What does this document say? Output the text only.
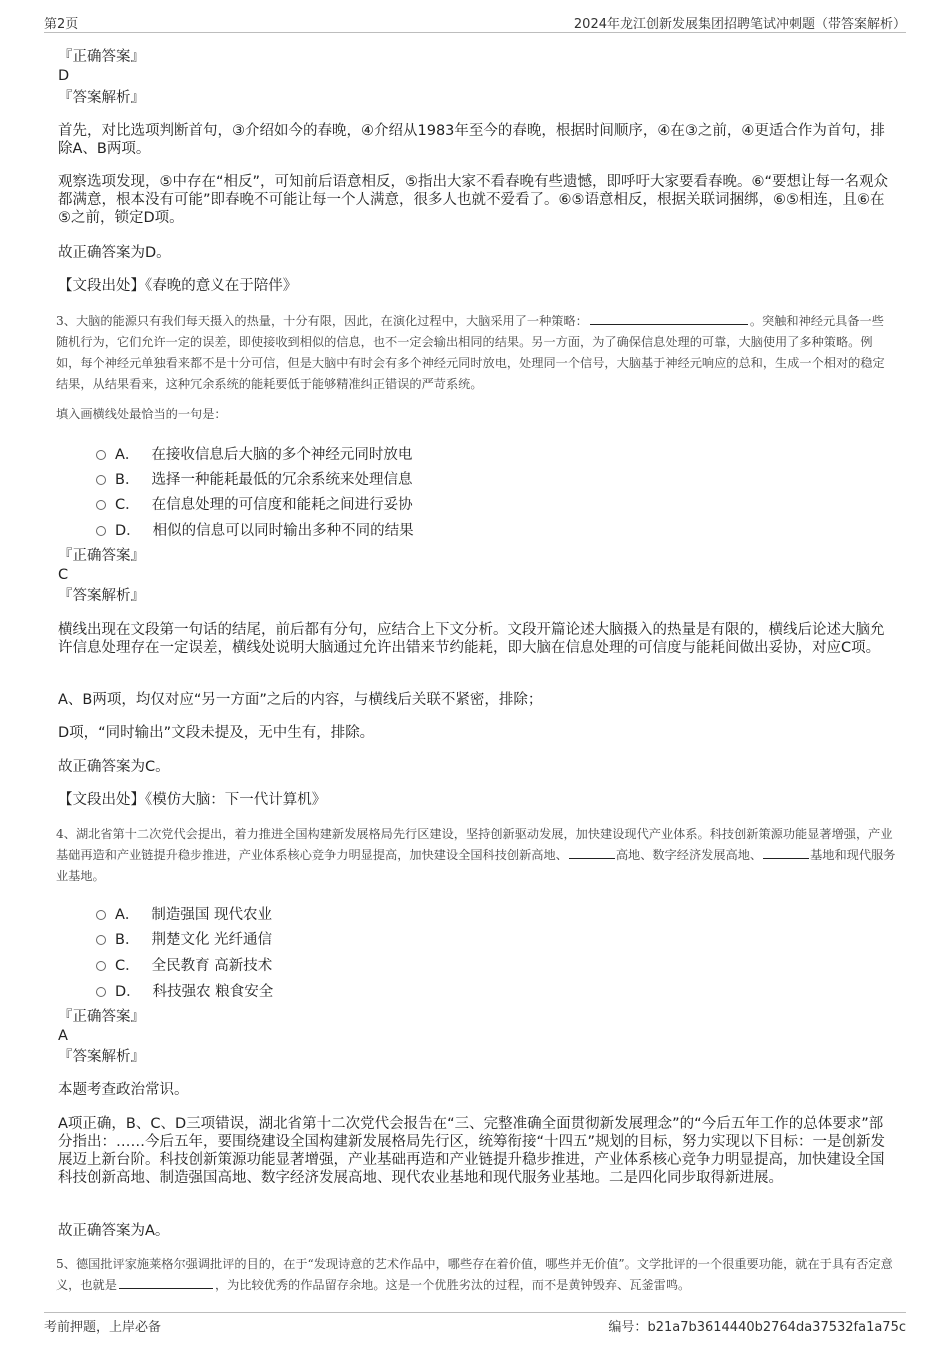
第2页	2024年龙江创新发展集团招聘笔试冲刺题（带答案解析）
『正确答案』
D
『答案解析』
首先，对比选项判断首句，③介绍如今的春晚，④介绍从1983年至今的春晚，根据时间顺序，④在③之前，④更适合作为首句，排除A、B两项。
观察选项发现，⑤中存在“相反”，可知前后语意相反，⑤指出大家不看春晚有些遗憾，即呼吁大家要看春晚。⑥“要想让每一名观众都满意，根本没有可能”即春晚不可能让每一个人满意，很多人也就不爱看了。⑥⑤语意相反，根据关联词捆绑，⑥⑤相连，且⑥在⑤之前，锁定D项。
故正确答案为D。
【文段出处】《春晚的意义在于陪伴》
3、大脑的能源只有我们每天摄入的热量，十分有限，因此，在演化过程中，大脑采用了一种策略：	。突触和神经元具备一些随机行为，它们允许一定的误差，即使接收到相似的信息，也不一定会输出相同的结果。另一方面，为了确保信息处理的可靠，大脑使用了多种策略。例如，每个神经元单独看来都不是十分可信，但是大脑中有时会有多个神经元同时放电，处理同一个信号，大脑基于神经元响应的总和，生成一个相对的稳定结果，从结果看来，这种冗余系统的能耗要低于能够精准纠正错误的严苛系统。
填入画横线处最恰当的一句是：
A． 在接收信息后大脑的多个神经元同时放电
B． 选择一种能耗最低的冗余系统来处理信息
C． 在信息处理的可信度和能耗之间进行妥协
D． 相似的信息可以同时输出多种不同的结果
『正确答案』
C
『答案解析』
横线出现在文段第一句话的结尾，前后都有分句，应结合上下文分析。文段开篇论述大脑摄入的热量是有限的，横线后论述大脑允许信息处理存在一定误差，横线处说明大脑通过允许出错来节约能耗，即大脑在信息处理的可信度与能耗间做出妥协，对应C项。
A、B两项，均仅对应“另一方面”之后的内容，与横线后关联不紧密，排除；
D项，“同时输出”文段未提及，无中生有，排除。
故正确答案为C。
【文段出处】《模仿大脑：下一代计算机》
4、湖北省第十二次党代会提出，着力推进全国构建新发展格局先行区建设，坚持创新驱动发展，加快建设现代产业体系。科技创新策源功能显著增强，产业基础再造和产业链提升稳步推进，产业体系核心竞争力明显提高，加快建设全国科技创新高地、	高地、数字经济发展高地、	基地和现代服务业基地。
A． 制造强国 现代农业
B． 荆楚文化 光纤通信
C． 全民教育 高新技术
D． 科技强农 粮食安全
『正确答案』
A
『答案解析』
本题考查政治常识。
A项正确，B、C、D三项错误，湖北省第十二次党代会报告在“三、完整准确全面贯彻新发展理念”的“今后五年工作的总体要求”部分指出：……今后五年，要围绕建设全国构建新发展格局先行区，统筹衔接“十四五”规划的目标，努力实现以下目标：一是创新发展迈上新台阶。科技创新策源功能显著增强，产业基础再造和产业链提升稳步推进，产业体系核心竞争力明显提高，加快建设全国科技创新高地、制造强国高地、数字经济发展高地、现代农业基地和现代服务业基地。二是四化同步取得新进展。
故正确答案为A。
5、德国批评家施莱格尔强调批评的目的，在于“发现诗意的艺术作品中，哪些存在着价值，哪些并无价值”。文学批评的一个很重要功能，就在于具有否定意义，也就是	，为比较优秀的作品留存余地。这是一个优胜劣汰的过程，而不是黄钟毁弃、瓦釜雷鸣。
考前押题，上岸必备	编号：b21a7b3614440b2764da37532fa1a75c
